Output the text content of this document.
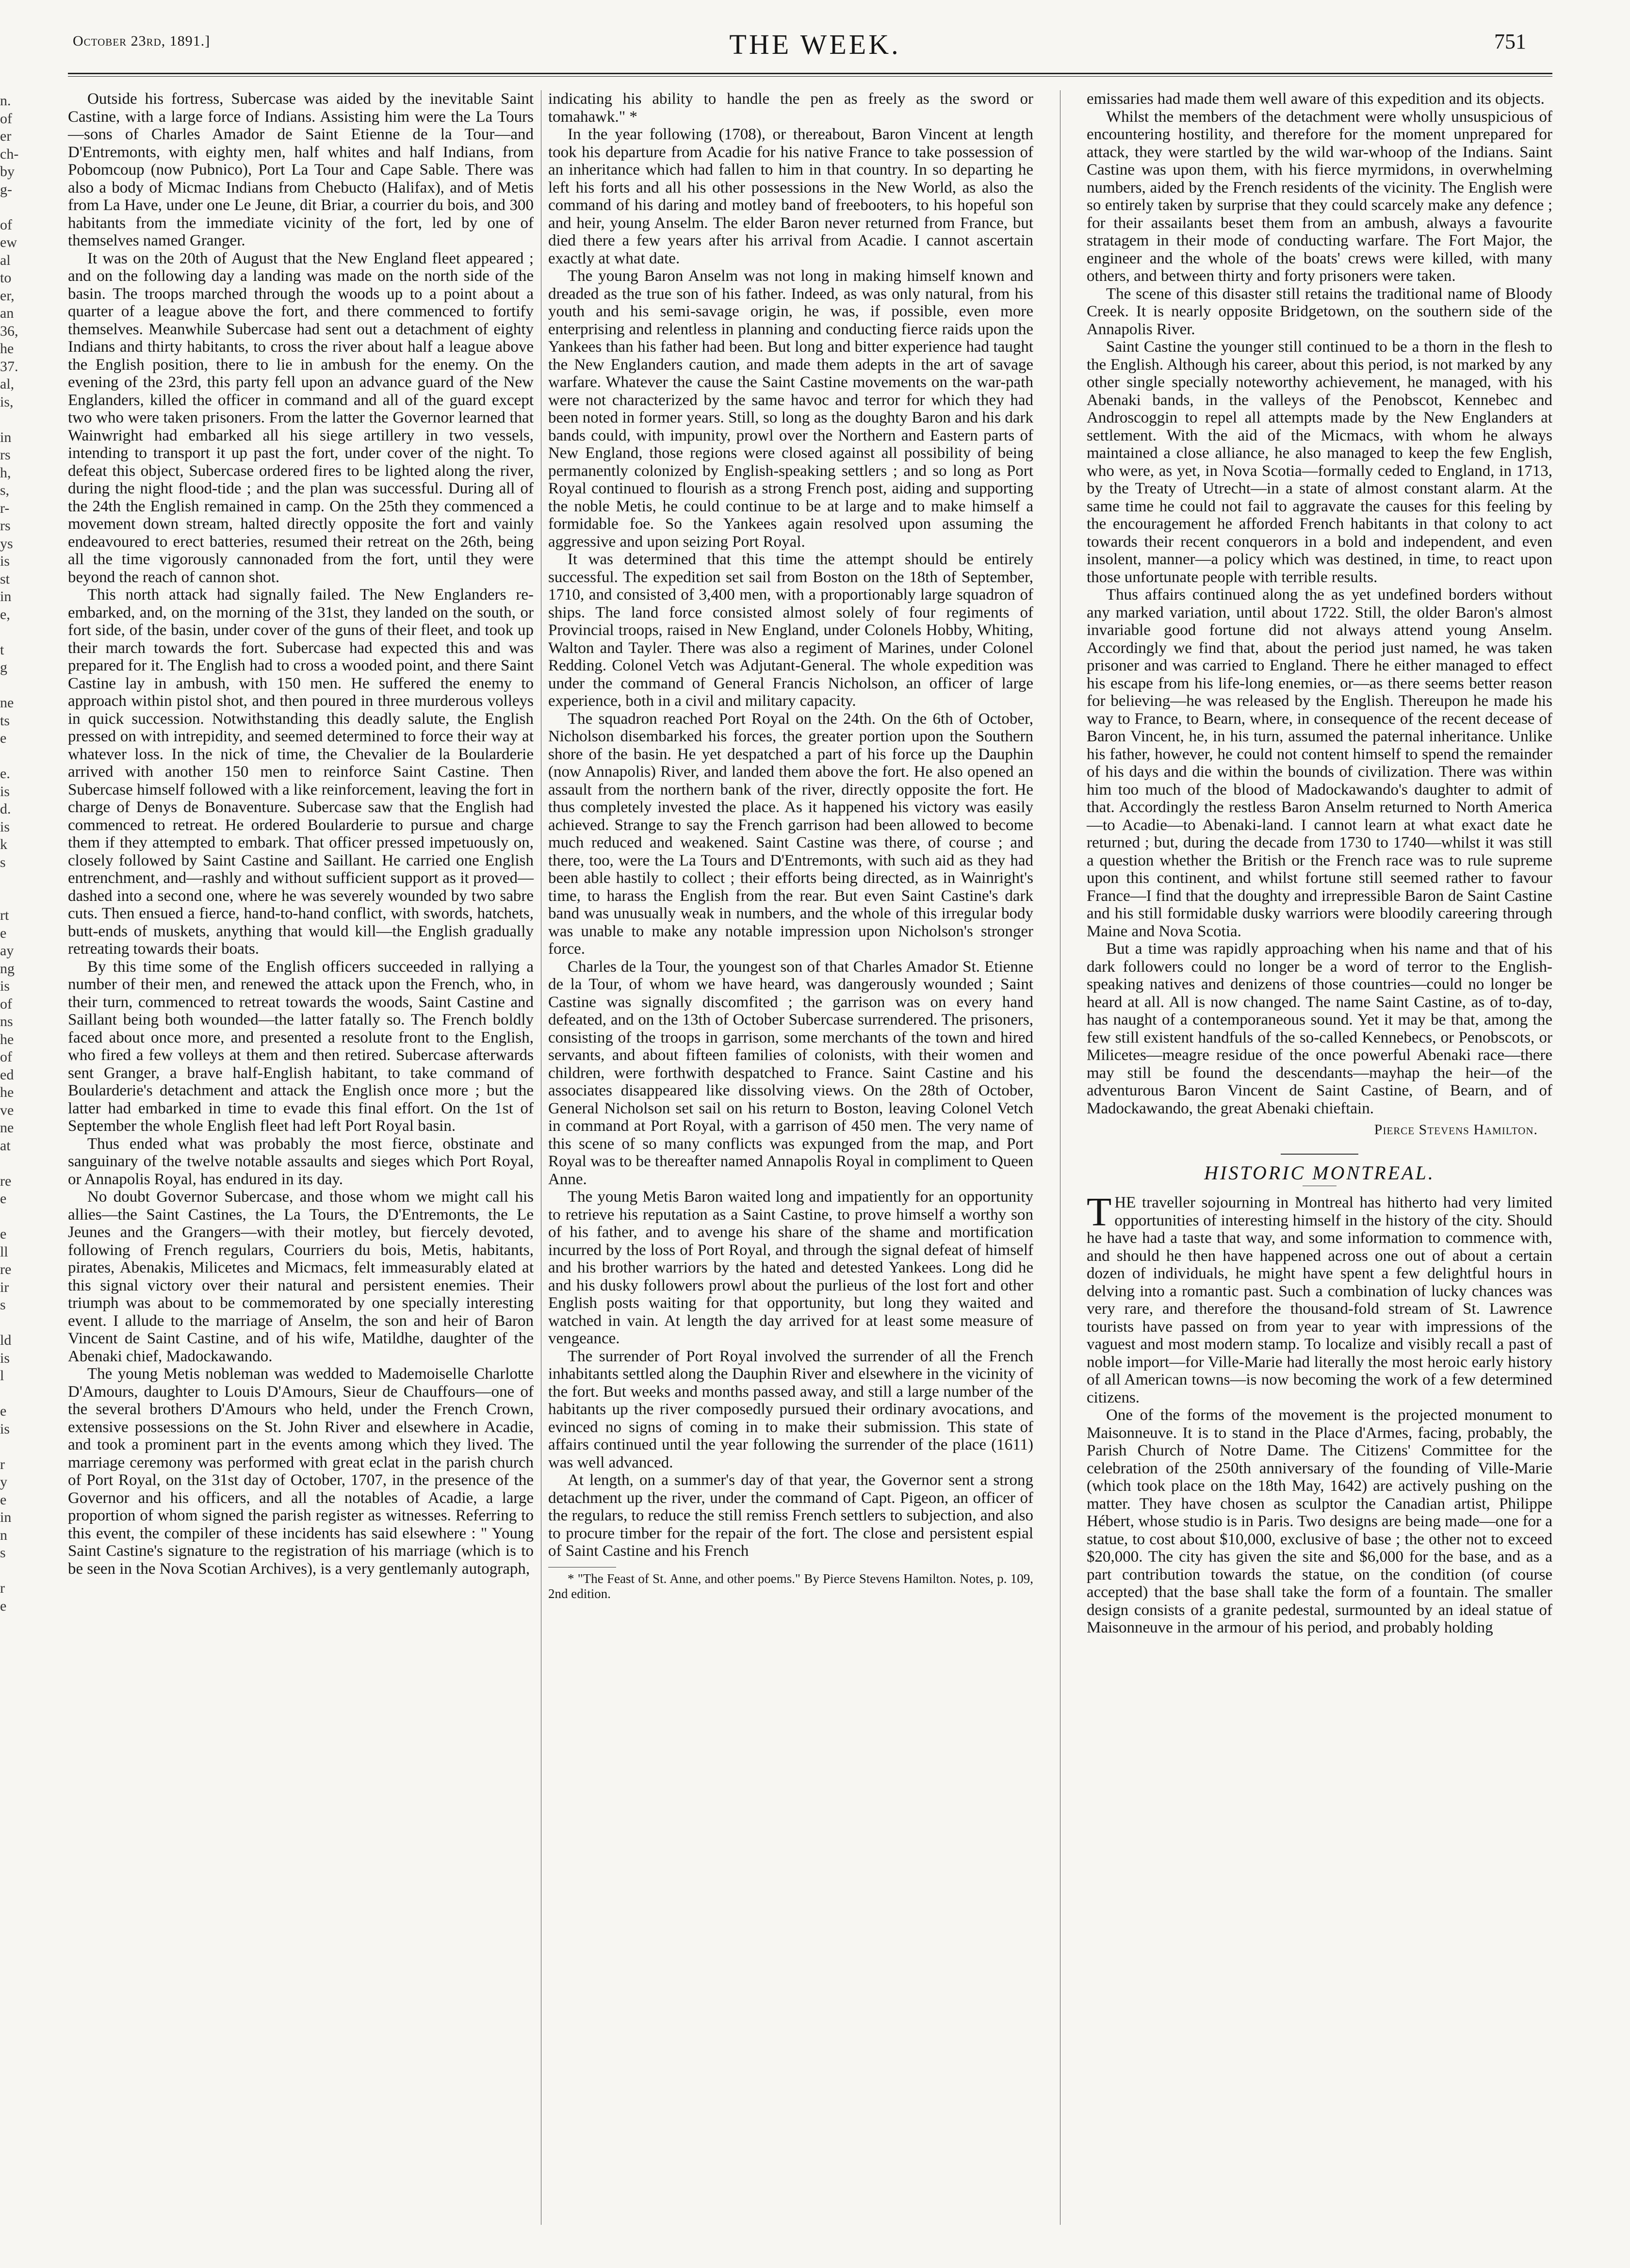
October 23rd, 1891.]	THE WEEK.	751
n.
of
er
ch-
by
g-
of
ew
al
to
er,
an
36,
he
37.
al,
is,
in
rs
h,
s,
r-
rs
ys
is
st
in
e,
t
g
ne
ts
e
e.
is
d.
is
k
s
rt
e
ay
ng
is
of
ns
he
of
ed
he
ve
ne
at
re
e
e
ll
re
ir
s
ld
is
l
e
is
r
y
e
in
n
s
r
e

Outside his fortress, Subercase was aided by the inevitable Saint Castine, with a large force of Indians. Assisting him were the La Tours—sons of Charles Amador de Saint Etienne de la Tour—and D'Entremonts, with eighty men, half whites and half Indians, from Pobomcoup (now Pubnico), Port La Tour and Cape Sable. There was also a body of Micmac Indians from Chebucto (Halifax), and of Metis from La Have, under one Le Jeune, dit Briar, a courrier du bois, and 300 habitants from the immediate vicinity of the fort, led by one of themselves named Granger.

It was on the 20th of August that the New England fleet appeared ; and on the following day a landing was made on the north side of the basin. The troops marched through the woods up to a point about a quarter of a league above the fort, and there commenced to fortify themselves. Meanwhile Subercase had sent out a detachment of eighty Indians and thirty habitants, to cross the river about half a league above the English position, there to lie in ambush for the enemy. On the evening of the 23rd, this party fell upon an advance guard of the New Englanders, killed the officer in command and all of the guard except two who were taken prisoners. From the latter the Governor learned that Wainwright had embarked all his siege artillery in two vessels, intending to transport it up past the fort, under cover of the night. To defeat this object, Subercase ordered fires to be lighted along the river, during the night flood-tide ; and the plan was successful. During all of the 24th the English remained in camp. On the 25th they commenced a movement down stream, halted directly opposite the fort and vainly endeavoured to erect batteries, resumed their retreat on the 26th, being all the time vigorously cannonaded from the fort, until they were beyond the reach of cannon shot.

This north attack had signally failed. The New Englanders re-embarked, and, on the morning of the 31st, they landed on the south, or fort side, of the basin, under cover of the guns of their fleet, and took up their march towards the fort. Subercase had expected this and was prepared for it. The English had to cross a wooded point, and there Saint Castine lay in ambush, with 150 men. He suffered the enemy to approach within pistol shot, and then poured in three murderous volleys in quick succession. Notwithstanding this deadly salute, the English pressed on with intrepidity, and seemed determined to force their way at whatever loss. In the nick of time, the Chevalier de la Boularderie arrived with another 150 men to reinforce Saint Castine. Then Subercase himself followed with a like reinforcement, leaving the fort in charge of Denys de Bonaventure. Subercase saw that the English had commenced to retreat. He ordered Boularderie to pursue and charge them if they attempted to embark. That officer pressed impetuously on, closely followed by Saint Castine and Saillant. He carried one English entrenchment, and—rashly and without sufficient support as it proved—dashed into a second one, where he was severely wounded by two sabre cuts. Then ensued a fierce, hand-to-hand conflict, with swords, hatchets, butt-ends of muskets, anything that would kill—the English gradually retreating towards their boats.

By this time some of the English officers succeeded in rallying a number of their men, and renewed the attack upon the French, who, in their turn, commenced to retreat towards the woods, Saint Castine and Saillant being both wounded—the latter fatally so. The French boldly faced about once more, and presented a resolute front to the English, who fired a few volleys at them and then retired. Subercase afterwards sent Granger, a brave half-English habitant, to take command of Boularderie's detachment and attack the English once more ; but the latter had embarked in time to evade this final effort. On the 1st of September the whole English fleet had left Port Royal basin.

Thus ended what was probably the most fierce, obstinate and sanguinary of the twelve notable assaults and sieges which Port Royal, or Annapolis Royal, has endured in its day.

No doubt Governor Subercase, and those whom we might call his allies—the Saint Castines, the La Tours, the D'Entremonts, the Le Jeunes and the Grangers—with their motley, but fiercely devoted, following of French regulars, Courriers du bois, Metis, habitants, pirates, Abenakis, Milicetes and Micmacs, felt immeasurably elated at this signal victory over their natural and persistent enemies. Their triumph was about to be commemorated by one specially interesting event. I allude to the marriage of Anselm, the son and heir of Baron Vincent de Saint Castine, and of his wife, Matildhe, daughter of the Abenaki chief, Madockawando.

The young Metis nobleman was wedded to Mademoiselle Charlotte D'Amours, daughter to Louis D'Amours, Sieur de Chauffours—one of the several brothers D'Amours who held, under the French Crown, extensive possessions on the St. John River and elsewhere in Acadie, and took a prominent part in the events among which they lived. The marriage ceremony was performed with great eclat in the parish church of Port Royal, on the 31st day of October, 1707, in the presence of the Governor and his officers, and all the notables of Acadie, a large proportion of whom signed the parish register as witnesses. Referring to this event, the compiler of these incidents has said elsewhere : " Young Saint Castine's signature to the registration of his marriage (which is to be seen in the Nova Scotian Archives), is a very gentlemanly autograph,

indicating his ability to handle the pen as freely as the sword or tomahawk." *

In the year following (1708), or thereabout, Baron Vincent at length took his departure from Acadie for his native France to take possession of an inheritance which had fallen to him in that country. In so departing he left his forts and all his other possessions in the New World, as also the command of his daring and motley band of freebooters, to his hopeful son and heir, young Anselm. The elder Baron never returned from France, but died there a few years after his arrival from Acadie. I cannot ascertain exactly at what date.

The young Baron Anselm was not long in making himself known and dreaded as the true son of his father. Indeed, as was only natural, from his youth and his semi-savage origin, he was, if possible, even more enterprising and relentless in planning and conducting fierce raids upon the Yankees than his father had been. But long and bitter experience had taught the New Englanders caution, and made them adepts in the art of savage warfare. Whatever the cause the Saint Castine movements on the war-path were not characterized by the same havoc and terror for which they had been noted in former years. Still, so long as the doughty Baron and his dark bands could, with impunity, prowl over the Northern and Eastern parts of New England, those regions were closed against all possibility of being permanently colonized by English-speaking settlers ; and so long as Port Royal continued to flourish as a strong French post, aiding and supporting the noble Metis, he could continue to be at large and to make himself a formidable foe. So the Yankees again resolved upon assuming the aggressive and upon seizing Port Royal.

It was determined that this time the attempt should be entirely successful. The expedition set sail from Boston on the 18th of September, 1710, and consisted of 3,400 men, with a proportionably large squadron of ships. The land force consisted almost solely of four regiments of Provincial troops, raised in New England, under Colonels Hobby, Whiting, Walton and Tayler. There was also a regiment of Marines, under Colonel Redding. Colonel Vetch was Adjutant-General. The whole expedition was under the command of General Francis Nicholson, an officer of large experience, both in a civil and military capacity.

The squadron reached Port Royal on the 24th. On the 6th of October, Nicholson disembarked his forces, the greater portion upon the Southern shore of the basin. He yet despatched a part of his force up the Dauphin (now Annapolis) River, and landed them above the fort. He also opened an assault from the northern bank of the river, directly opposite the fort. He thus completely invested the place. As it happened his victory was easily achieved. Strange to say the French garrison had been allowed to become much reduced and weakened. Saint Castine was there, of course ; and there, too, were the La Tours and D'Entremonts, with such aid as they had been able hastily to collect ; their efforts being directed, as in Wainright's time, to harass the English from the rear. But even Saint Castine's dark band was unusually weak in numbers, and the whole of this irregular body was unable to make any notable impression upon Nicholson's stronger force.

Charles de la Tour, the youngest son of that Charles Amador St. Etienne de la Tour, of whom we have heard, was dangerously wounded ; Saint Castine was signally discomfited ; the garrison was on every hand defeated, and on the 13th of October Subercase surrendered. The prisoners, consisting of the troops in garrison, some merchants of the town and hired servants, and about fifteen families of colonists, with their women and children, were forthwith despatched to France. Saint Castine and his associates disappeared like dissolving views. On the 28th of October, General Nicholson set sail on his return to Boston, leaving Colonel Vetch in command at Port Royal, with a garrison of 450 men. The very name of this scene of so many conflicts was expunged from the map, and Port Royal was to be thereafter named Annapolis Royal in compliment to Queen Anne.

The young Metis Baron waited long and impatiently for an opportunity to retrieve his reputation as a Saint Castine, to prove himself a worthy son of his father, and to avenge his share of the shame and mortification incurred by the loss of Port Royal, and through the signal defeat of himself and his brother warriors by the hated and detested Yankees. Long did he and his dusky followers prowl about the purlieus of the lost fort and other English posts waiting for that opportunity, but long they waited and watched in vain. At length the day arrived for at least some measure of vengeance.

The surrender of Port Royal involved the surrender of all the French inhabitants settled along the Dauphin River and elsewhere in the vicinity of the fort. But weeks and months passed away, and still a large number of the habitants up the river composedly pursued their ordinary avocations, and evinced no signs of coming in to make their submission. This state of affairs continued until the year following the surrender of the place (1611) was well advanced.

At length, on a summer's day of that year, the Governor sent a strong detachment up the river, under the command of Capt. Pigeon, an officer of the regulars, to reduce the still remiss French settlers to subjection, and also to procure timber for the repair of the fort. The close and persistent espial of Saint Castine and his French

* "The Feast of St. Anne, and other poems." By Pierce Stevens Hamilton. Notes, p. 109, 2nd edition.

emissaries had made them well aware of this expedition and its objects.

Whilst the members of the detachment were wholly unsuspicious of encountering hostility, and therefore for the moment unprepared for attack, they were startled by the wild war-whoop of the Indians. Saint Castine was upon them, with his fierce myrmidons, in overwhelming numbers, aided by the French residents of the vicinity. The English were so entirely taken by surprise that they could scarcely make any defence ; for their assailants beset them from an ambush, always a favourite stratagem in their mode of conducting warfare. The Fort Major, the engineer and the whole of the boats' crews were killed, with many others, and between thirty and forty prisoners were taken.

The scene of this disaster still retains the traditional name of Bloody Creek. It is nearly opposite Bridgetown, on the southern side of the Annapolis River.

Saint Castine the younger still continued to be a thorn in the flesh to the English. Although his career, about this period, is not marked by any other single specially noteworthy achievement, he managed, with his Abenaki bands, in the valleys of the Penobscot, Kennebec and Androscoggin to repel all attempts made by the New Englanders at settlement. With the aid of the Micmacs, with whom he always maintained a close alliance, he also managed to keep the few English, who were, as yet, in Nova Scotia—formally ceded to England, in 1713, by the Treaty of Utrecht—in a state of almost constant alarm. At the same time he could not fail to aggravate the causes for this feeling by the encouragement he afforded French habitants in that colony to act towards their recent conquerors in a bold and independent, and even insolent, manner—a policy which was destined, in time, to react upon those unfortunate people with terrible results.

Thus affairs continued along the as yet undefined borders without any marked variation, until about 1722. Still, the older Baron's almost invariable good fortune did not always attend young Anselm. Accordingly we find that, about the period just named, he was taken prisoner and was carried to England. There he either managed to effect his escape from his life-long enemies, or—as there seems better reason for believing—he was released by the English. Thereupon he made his way to France, to Bearn, where, in consequence of the recent decease of Baron Vincent, he, in his turn, assumed the paternal inheritance. Unlike his father, however, he could not content himself to spend the remainder of his days and die within the bounds of civilization. There was within him too much of the blood of Madockawando's daughter to admit of that. Accordingly the restless Baron Anselm returned to North America—to Acadie—to Abenaki-land. I cannot learn at what exact date he returned ; but, during the decade from 1730 to 1740—whilst it was still a question whether the British or the French race was to rule supreme upon this continent, and whilst fortune still seemed rather to favour France—I find that the doughty and irrepressible Baron de Saint Castine and his still formidable dusky warriors were bloodily careering through Maine and Nova Scotia.

But a time was rapidly approaching when his name and that of his dark followers could no longer be a word of terror to the English-speaking natives and denizens of those countries—could no longer be heard at all. All is now changed. The name Saint Castine, as of to-day, has naught of a contemporaneous sound. Yet it may be that, among the few still existent handfuls of the so-called Kennebecs, or Penobscots, or Milicetes—meagre residue of the once powerful Abenaki race—there may still be found the descendants—mayhap the heir—of the adventurous Baron Vincent de Saint Castine, of Bearn, and of Madockawando, the great Abenaki chieftain.

Pierce Stevens Hamilton.
HISTORIC MONTREAL.

THE traveller sojourning in Montreal has hitherto had very limited opportunities of interesting himself in the history of the city. Should he have had a taste that way, and some information to commence with, and should he then have happened across one out of about a certain dozen of individuals, he might have spent a few delightful hours in delving into a romantic past. Such a combination of lucky chances was very rare, and therefore the thousand-fold stream of St. Lawrence tourists have passed on from year to year with impressions of the vaguest and most modern stamp. To localize and visibly recall a past of noble import—for Ville-Marie had literally the most heroic early history of all American towns—is now becoming the work of a few determined citizens.

One of the forms of the movement is the projected monument to Maisonneuve. It is to stand in the Place d'Armes, facing, probably, the Parish Church of Notre Dame. The Citizens' Committee for the celebration of the 250th anniversary of the founding of Ville-Marie (which took place on the 18th May, 1642) are actively pushing on the matter. They have chosen as sculptor the Canadian artist, Philippe Hébert, whose studio is in Paris. Two designs are being made—one for a statue, to cost about $10,000, exclusive of base ; the other not to exceed $20,000. The city has given the site and $6,000 for the base, and as a part contribution towards the statue, on the condition (of course accepted) that the base shall take the form of a fountain. The smaller design consists of a granite pedestal, surmounted by an ideal statue of Maisonneuve in the armour of his period, and probably holding
